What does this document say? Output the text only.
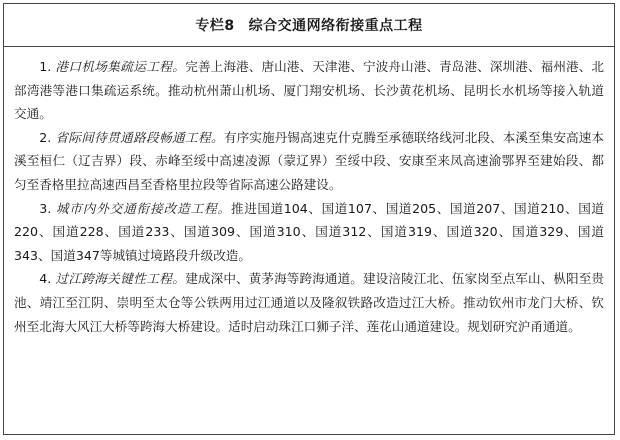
专栏8 综合交通网络衔接重点工程

1. 港口机场集疏运工程。完善上海港、唐山港、天津港、宁波舟山港、青岛港、深圳港、福州港、北部湾港等港口集疏运系统。推动杭州萧山机场、厦门翔安机场、长沙黄花机场、昆明长水机场等接入轨道交通。

2. 省际间待贯通路段畅通工程。有序实施丹锡高速克什克腾至承德联络线河北段、本溪至集安高速本溪至桓仁（辽吉界）段、赤峰至绥中高速凌源（蒙辽界）至绥中段、安康至来凤高速渝鄂界至建始段、都匀至香格里拉高速西昌至香格里拉段等省际高速公路建设。

3. 城市内外交通衔接改造工程。推进国道104、国道107、国道205、国道207、国道210、国道220、国道228、国道233、国道309、国道310、国道312、国道319、国道320、国道329、国道343、国道347等城镇过境路段升级改造。

4. 过江跨海关键性工程。建成深中、黄茅海等跨海通道。建设涪陵江北、伍家岗至点军山、枞阳至贵池、靖江至江阴、崇明至太仓等公铁两用过江通道以及隆叙铁路改造过江大桥。推动钦州市龙门大桥、钦州至北海大风江大桥等跨海大桥建设。适时启动珠江口狮子洋、莲花山通道建设。规划研究沪甬通道。
